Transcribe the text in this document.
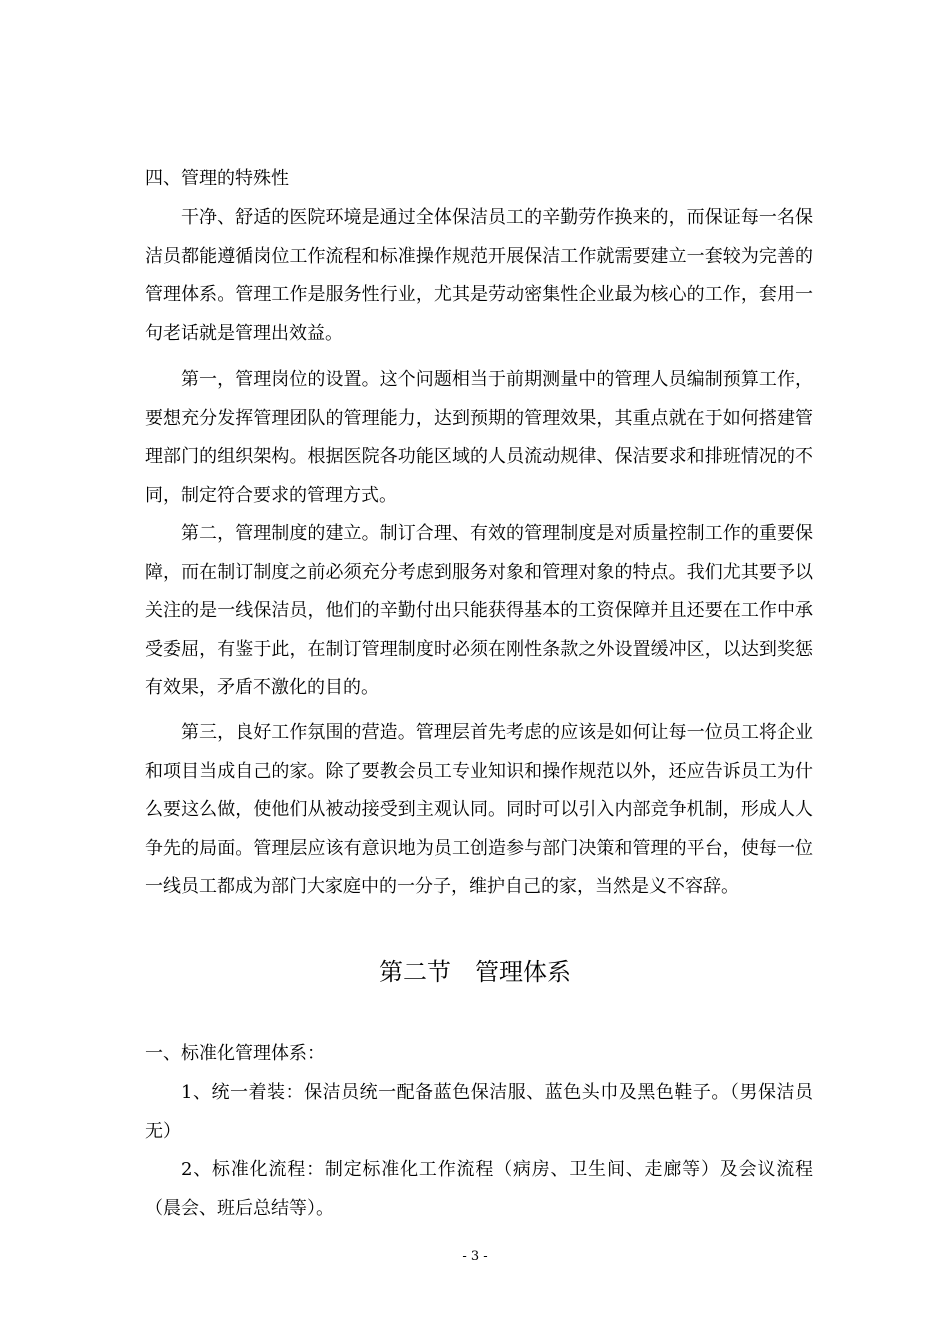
四、管理的特殊性

干净、舒适的医院环境是通过全体保洁员工的辛勤劳作换来的，而保证每一名保洁员都能遵循岗位工作流程和标准操作规范开展保洁工作就需要建立一套较为完善的管理体系。管理工作是服务性行业，尤其是劳动密集性企业最为核心的工作，套用一句老话就是管理出效益。

第一，管理岗位的设置。这个问题相当于前期测量中的管理人员编制预算工作，要想充分发挥管理团队的管理能力，达到预期的管理效果，其重点就在于如何搭建管理部门的组织架构。根据医院各功能区域的人员流动规律、保洁要求和排班情况的不同，制定符合要求的管理方式。

第二，管理制度的建立。制订合理、有效的管理制度是对质量控制工作的重要保障，而在制订制度之前必须充分考虑到服务对象和管理对象的特点。我们尤其要予以关注的是一线保洁员，他们的辛勤付出只能获得基本的工资保障并且还要在工作中承受委屈，有鉴于此，在制订管理制度时必须在刚性条款之外设置缓冲区，以达到奖惩有效果，矛盾不激化的目的。

第三，良好工作氛围的营造。管理层首先考虑的应该是如何让每一位员工将企业和项目当成自己的家。除了要教会员工专业知识和操作规范以外，还应告诉员工为什么要这么做，使他们从被动接受到主观认同。同时可以引入内部竞争机制，形成人人争先的局面。管理层应该有意识地为员工创造参与部门决策和管理的平台，使每一位一线员工都成为部门大家庭中的一分子，维护自己的家，当然是义不容辞。

第二节　管理体系

一、标准化管理体系：

1、统一着装：保洁员统一配备蓝色保洁服、蓝色头巾及黑色鞋子。（男保洁员无）

2、标准化流程：制定标准化工作流程（病房、卫生间、走廊等）及会议流程（晨会、班后总结等）。

- 3 -
